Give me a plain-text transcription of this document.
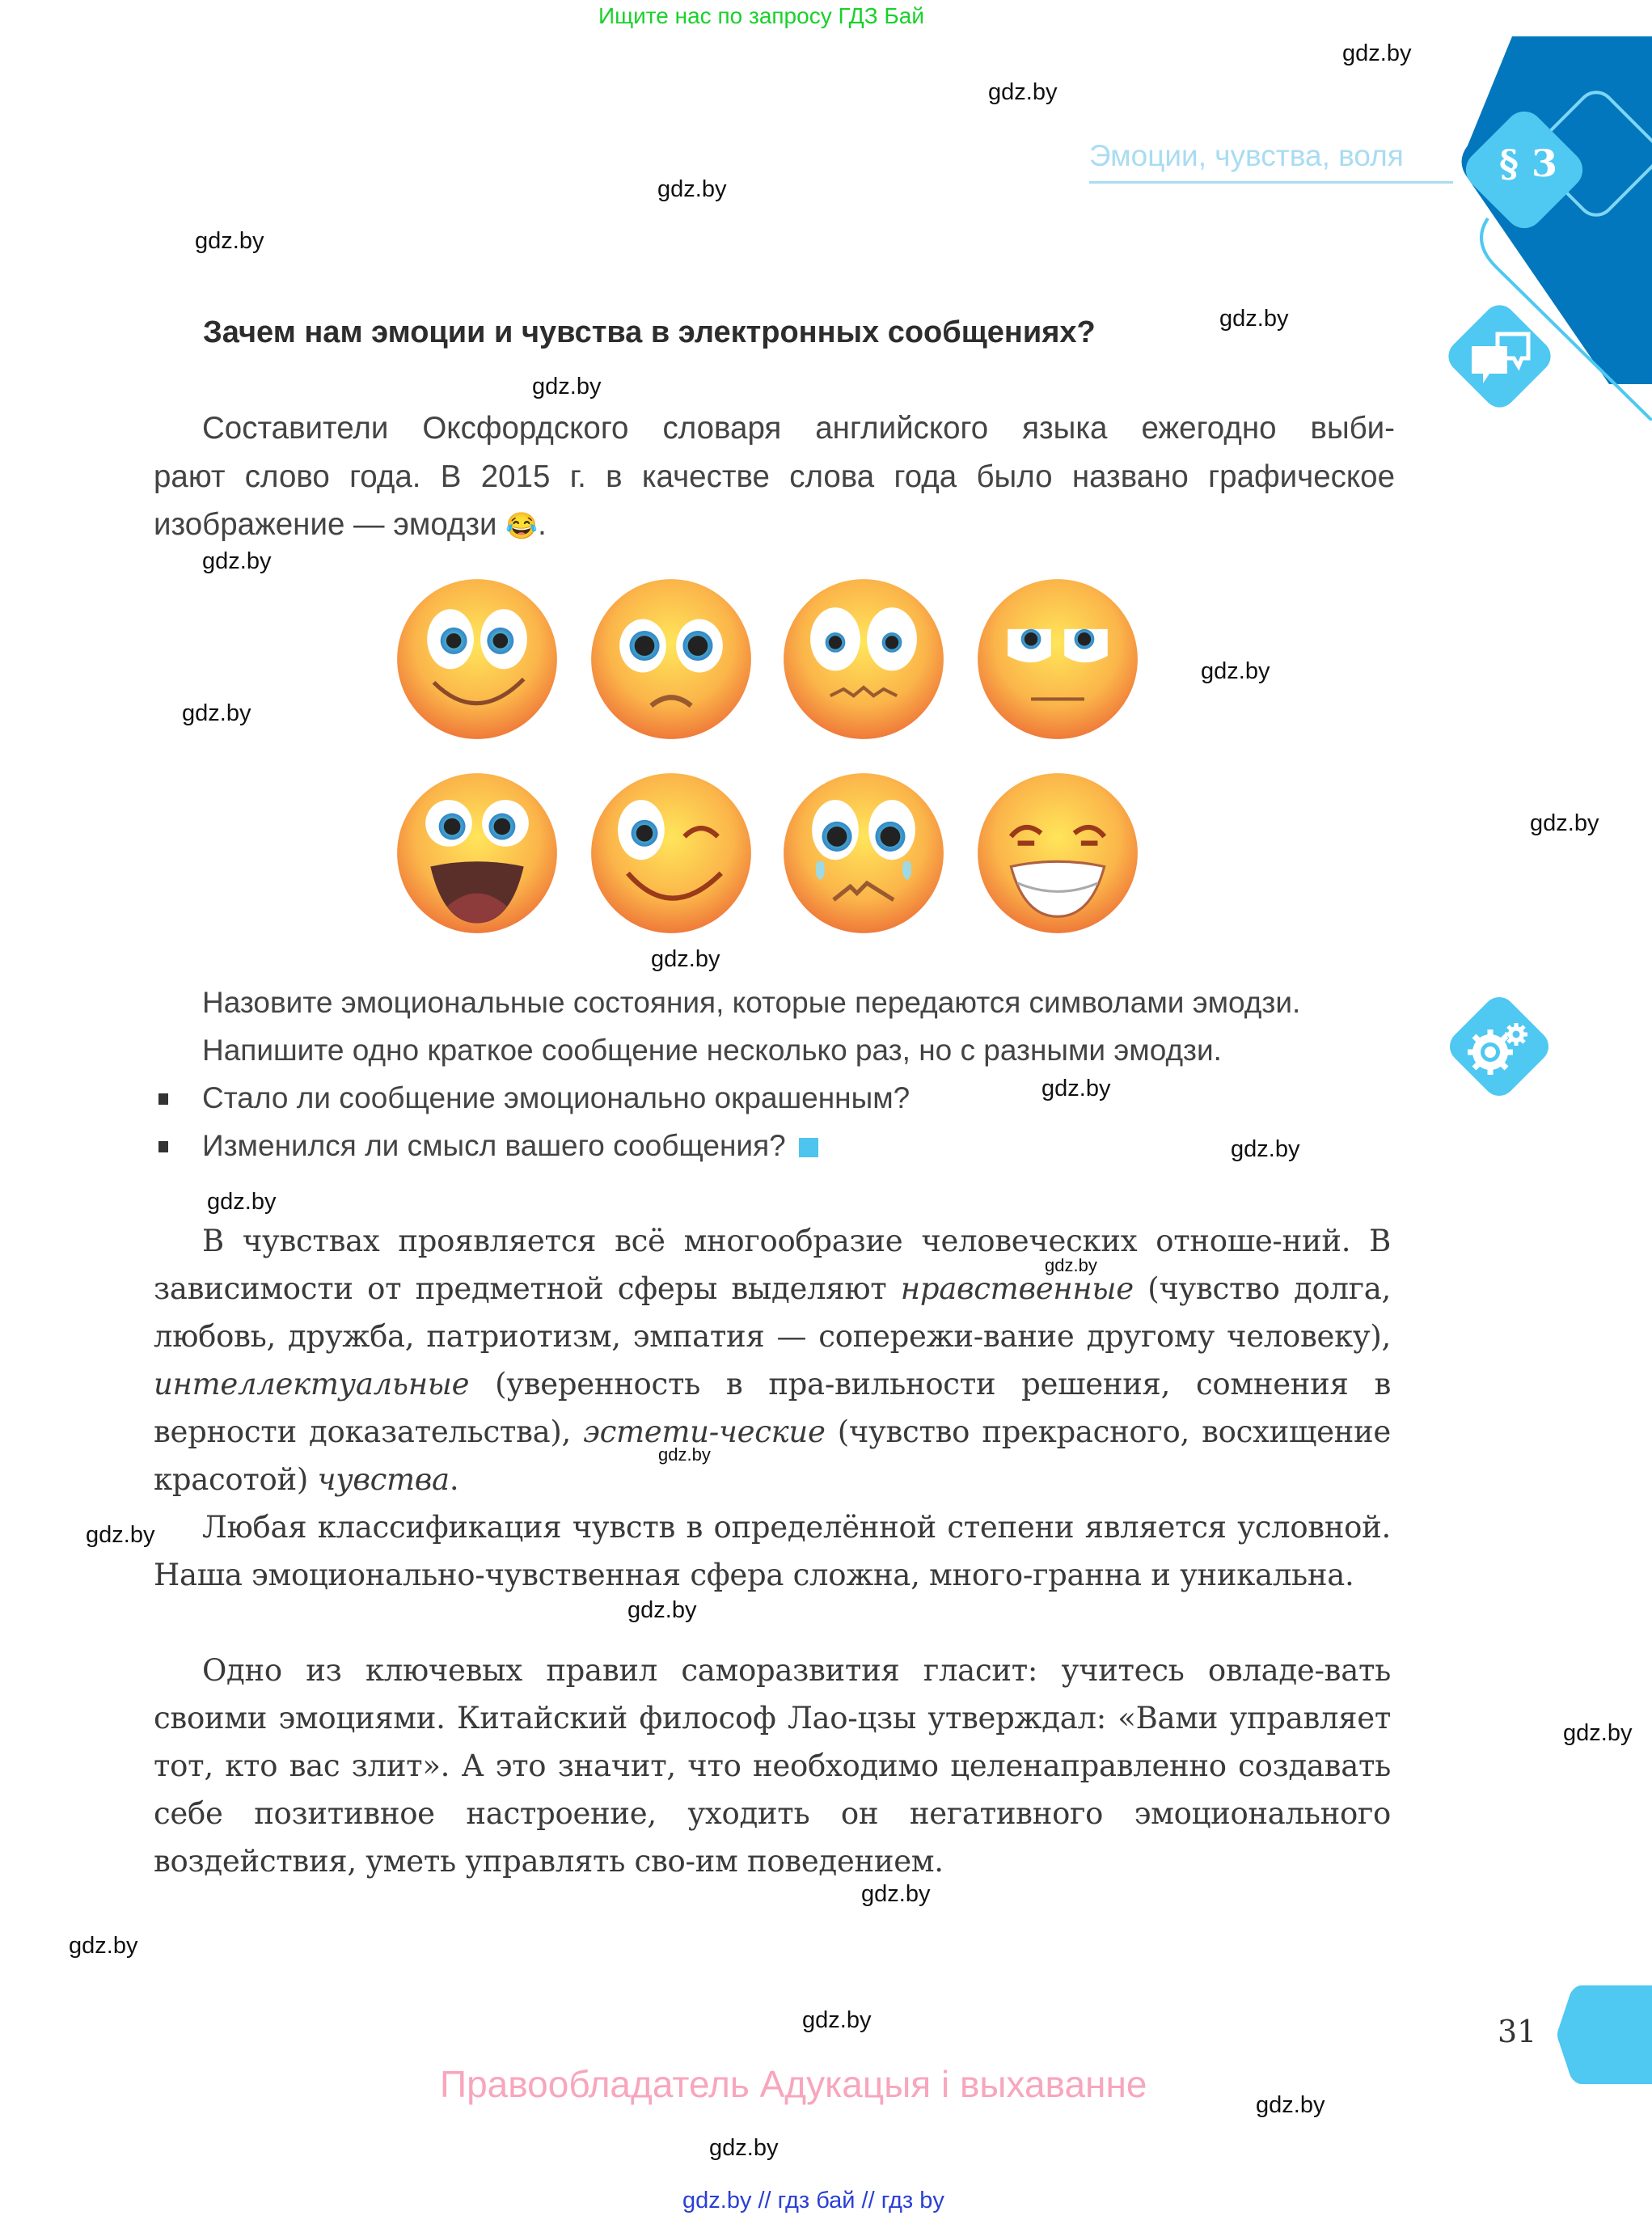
Ищите нас по запросу ГДЗ Бай
§ 3
Эмоции, чувства, воля
Зачем нам эмоции и чувства в электронных сообщениях?
Составители Оксфордского словаря английского языка ежегодно выби-
рают слово года. В 2015 г. в качестве слова года было названо графическое
изображение — эмодзи 😂.
Назовите эмоциональные состояния, которые передаются символами эмодзи.
Напишите одно краткое сообщение несколько раз, но с разными эмодзи.
Стало ли сообщение эмоционально окрашенным?
Изменился ли смысл вашего сообщения?
В чувствах проявляется всё многообразие человеческих отноше-ний. В зависимости от предметной сферы выделяют нравственные (чувство долга, любовь, дружба, патриотизм, эмпатия — сопережи-вание другому человеку), интеллектуальные (уверенность в пра-вильности решения, сомнения в верности доказательства), эстети-ческие (чувство прекрасного, восхищение красотой) чувства.
Любая классификация чувств в определённой степени является условной. Наша эмоционально-чувственная сфера сложна, много-гранна и уникальна.
Одно из ключевых правил саморазвития гласит: учитесь овладе-вать своими эмоциями. Китайский философ Лао-цзы утверждал: «Вами управляет тот, кто вас злит». А это значит, что необходимо целенаправленно создавать себе позитивное настроение, уходить он негативного эмоционального воздействия, уметь управлять сво-им поведением.
31
Правообладатель Адукацыя і выхаванне
gdz.by // гдз бай // гдз by
gdz.by
gdz.by
gdz.by
gdz.by
gdz.by
gdz.by
gdz.by
gdz.by
gdz.by
gdz.by
gdz.by
gdz.by
gdz.by
gdz.by
gdz.by
gdz.by
gdz.by
gdz.by
gdz.by
gdz.by
gdz.by
gdz.by
gdz.by
gdz.by
